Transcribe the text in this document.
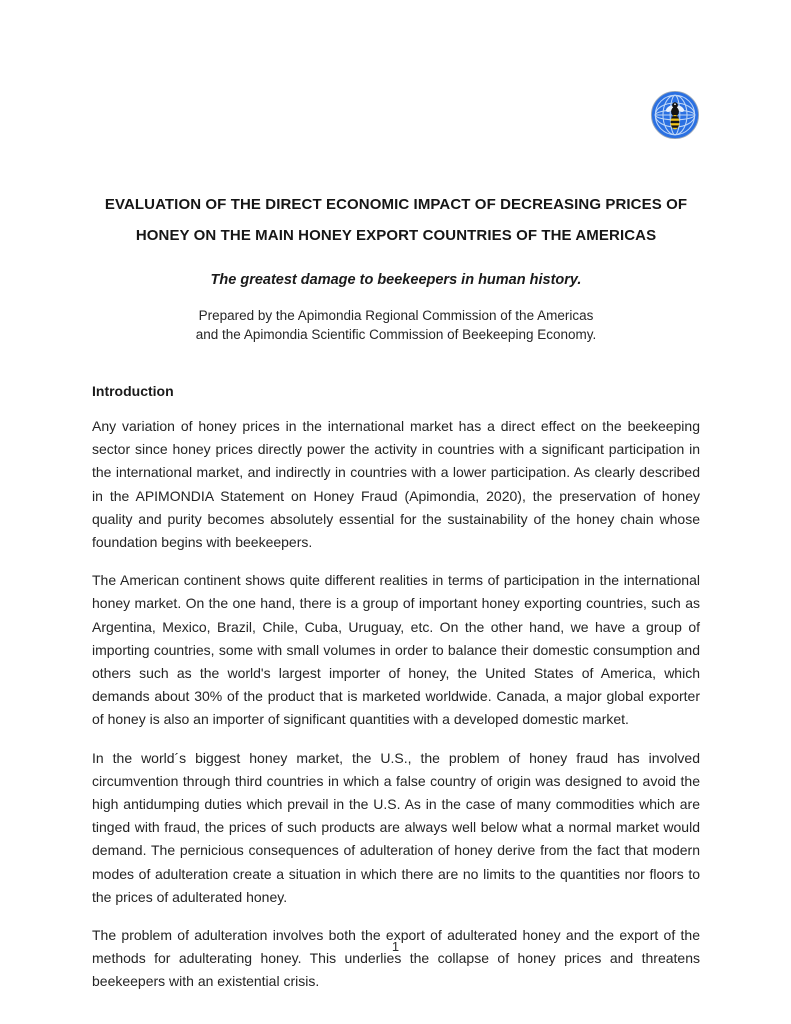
EVALUATION OF THE DIRECT ECONOMIC IMPACT OF DECREASING PRICES OF
HONEY ON THE MAIN HONEY EXPORT COUNTRIES OF THE AMERICAS
The greatest damage to beekeepers in human history.
Prepared by the Apimondia Regional Commission of the Americas
and the Apimondia Scientific Commission of Beekeeping Economy.
Introduction

Any variation of honey prices in the international market has a direct effect on the beekeeping sector since honey prices directly power the activity in countries with a significant participation in the international market, and indirectly in countries with a lower participation. As clearly described in the APIMONDIA Statement on Honey Fraud (Apimondia, 2020), the preservation of honey quality and purity becomes absolutely essential for the sustainability of the honey chain whose foundation begins with beekeepers.

The American continent shows quite different realities in terms of participation in the international honey market. On the one hand, there is a group of important honey exporting countries, such as Argentina, Mexico, Brazil, Chile, Cuba, Uruguay, etc. On the other hand, we have a group of importing countries, some with small volumes in order to balance their domestic consumption and others such as the world's largest importer of honey, the United States of America, which demands about 30% of the product that is marketed worldwide. Canada, a major global exporter of honey is also an importer of significant quantities with a developed domestic market.

In the world´s biggest honey market, the U.S., the problem of honey fraud has involved circumvention through third countries in which a false country of origin was designed to avoid the high antidumping duties which prevail in the U.S. As in the case of many commodities which are tinged with fraud, the prices of such products are always well below what a normal market would demand. The pernicious consequences of adulteration of honey derive from the fact that modern modes of adulteration create a situation in which there are no limits to the quantities nor floors to the prices of adulterated honey.

The problem of adulteration involves both the export of adulterated honey and the export of the methods for adulterating honey. This underlies the collapse of honey prices and threatens beekeepers with an existential crisis.

1
